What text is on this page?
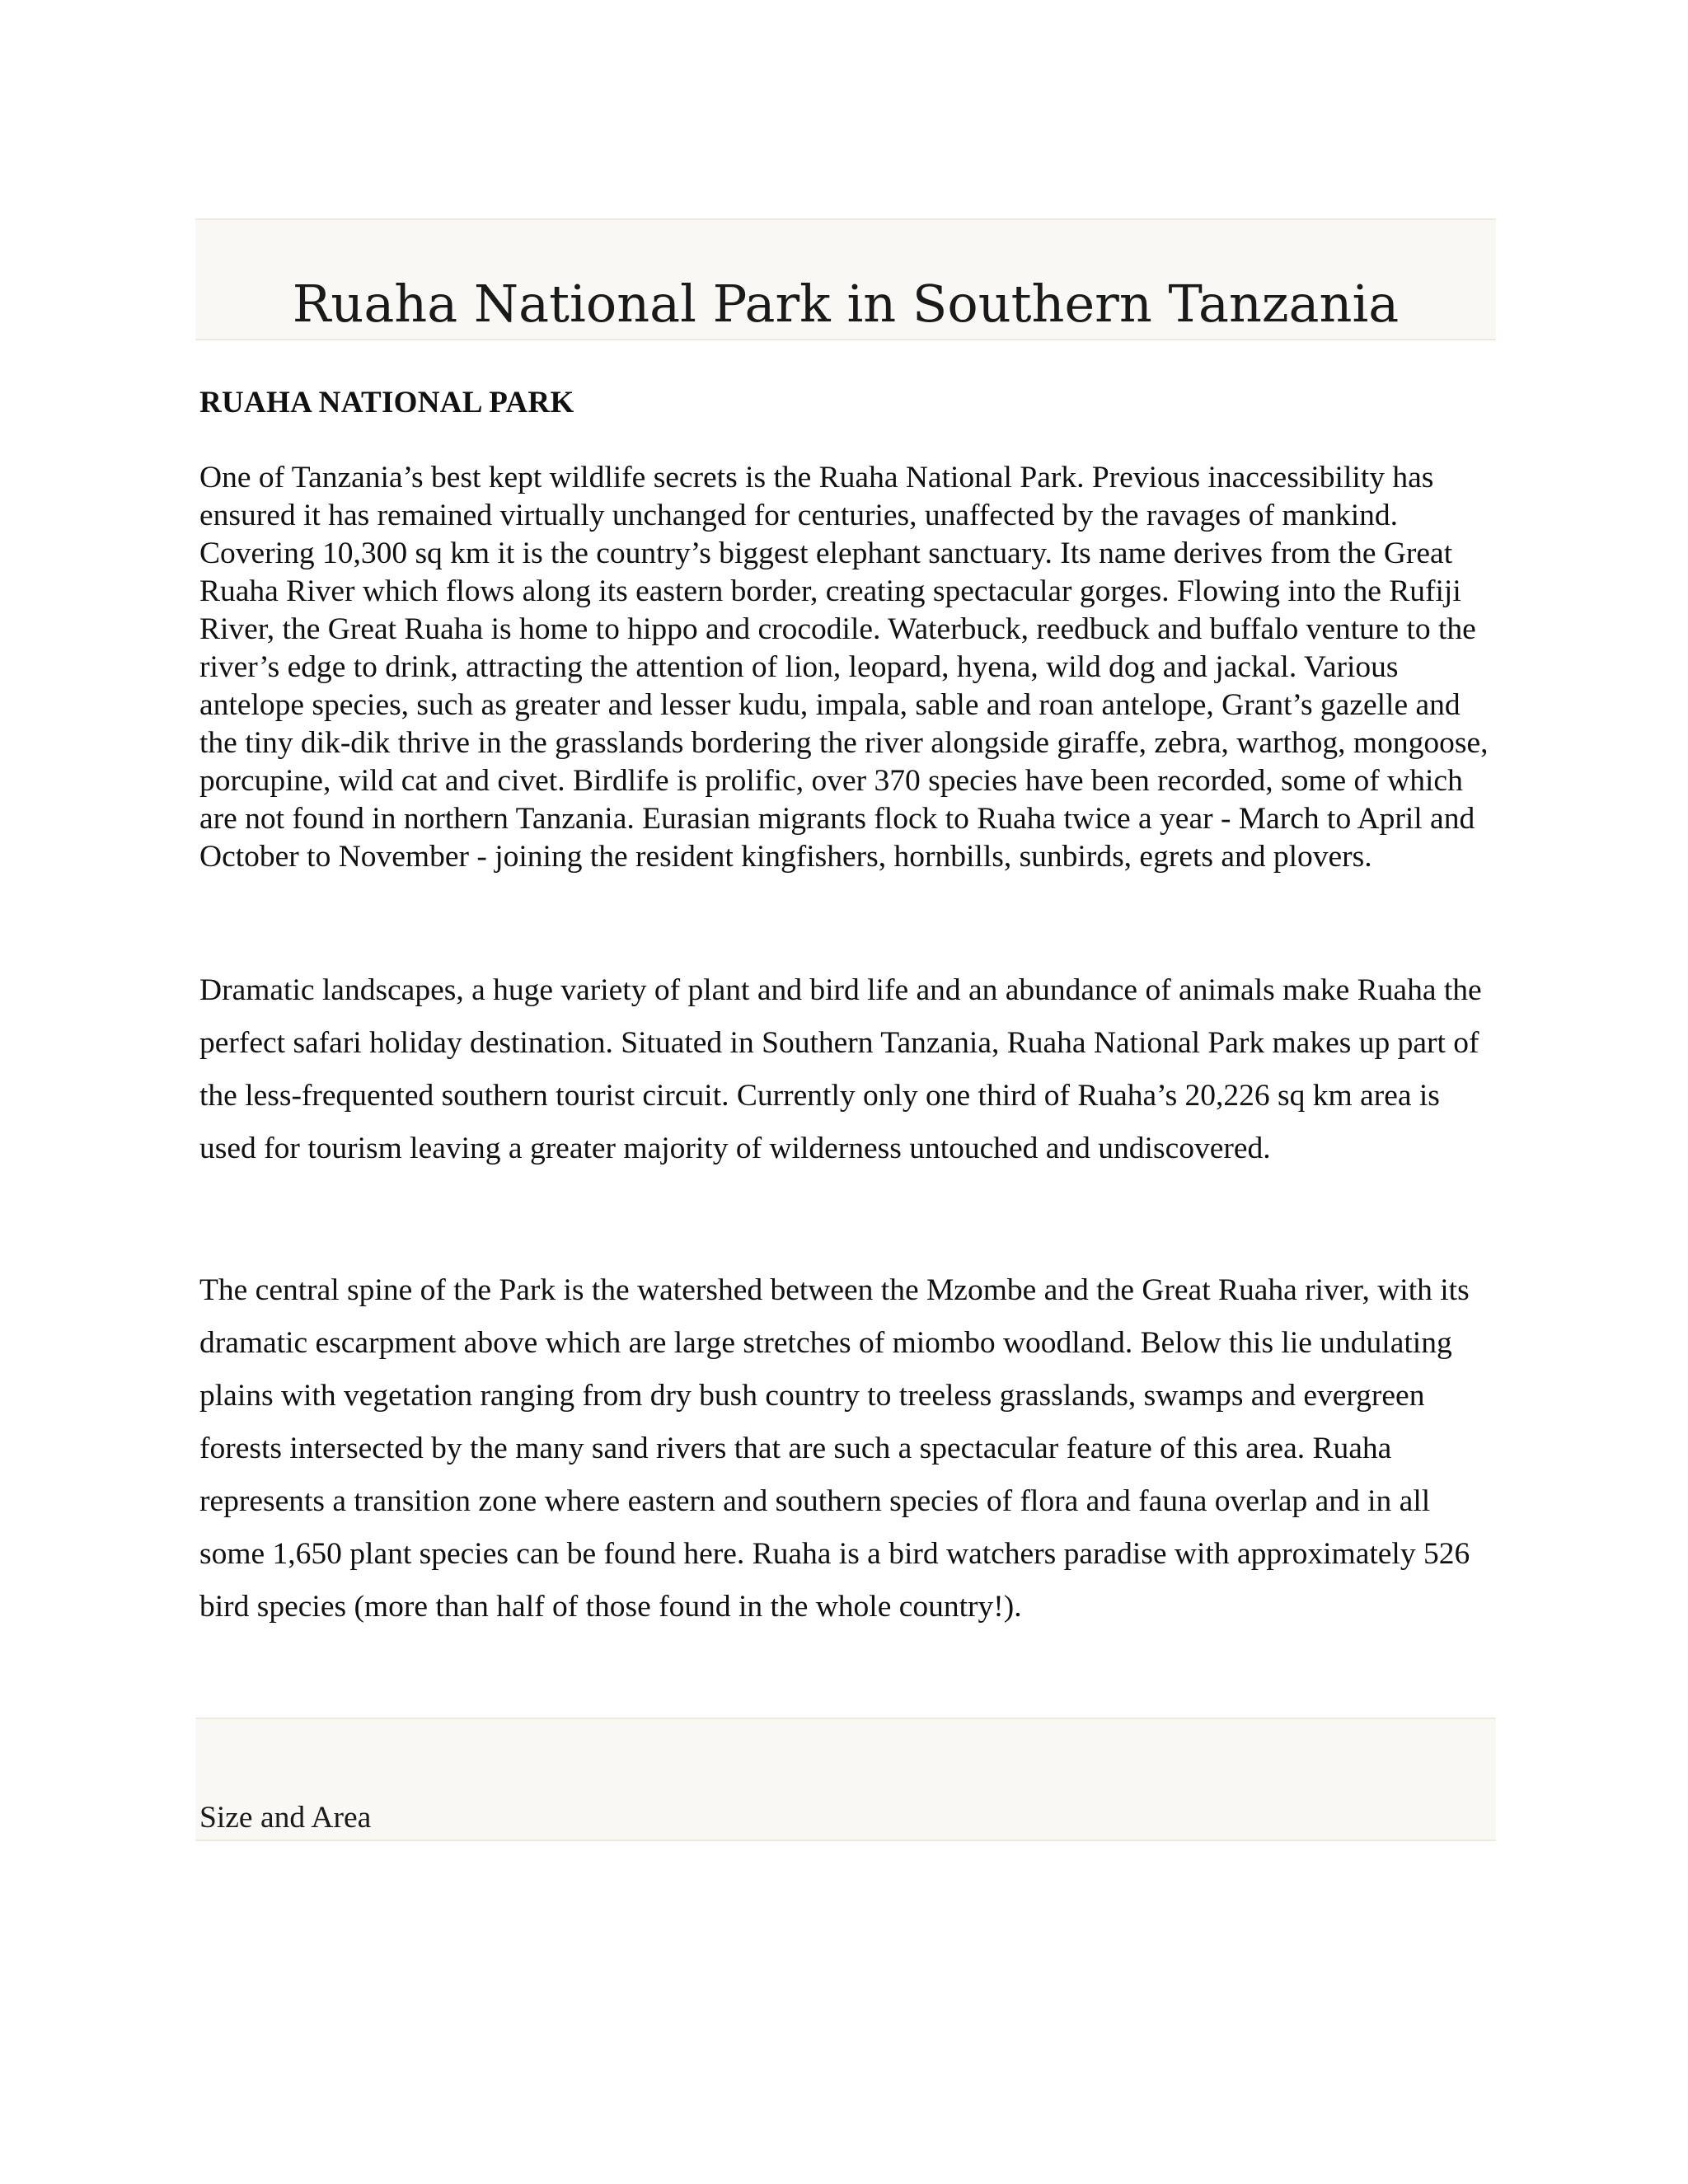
Ruaha National Park in Southern Tanzania
RUAHA NATIONAL PARK

One of Tanzania’s best kept wildlife secrets is the Ruaha National Park. Previous inaccessibility has ensured it has remained virtually unchanged for centuries, unaffected by the ravages of mankind. Covering 10,300 sq km it is the country’s biggest elephant sanctuary. Its name derives from the Great Ruaha River which flows along its eastern border, creating spectacular gorges. Flowing into the Rufiji River, the Great Ruaha is home to hippo and crocodile. Waterbuck, reedbuck and buffalo venture to the river’s edge to drink, attracting the attention of lion, leopard, hyena, wild dog and jackal. Various antelope species, such as greater and lesser kudu, impala, sable and roan antelope, Grant’s gazelle and the tiny dik-dik thrive in the grasslands bordering the river alongside giraffe, zebra, warthog, mongoose, porcupine, wild cat and civet. Birdlife is prolific, over 370 species have been recorded, some of which are not found in northern Tanzania. Eurasian migrants flock to Ruaha twice a year - March to April and October to November - joining the resident kingfishers, hornbills, sunbirds, egrets and plovers.

Dramatic landscapes, a huge variety of plant and bird life and an abundance of animals make Ruaha the perfect safari holiday destination. Situated in Southern Tanzania, Ruaha National Park makes up part of the less-frequented southern tourist circuit. Currently only one third of Ruaha’s 20,226 sq km area is used for tourism leaving a greater majority of wilderness untouched and undiscovered.

The central spine of the Park is the watershed between the Mzombe and the Great Ruaha river, with its dramatic escarpment above which are large stretches of miombo woodland. Below this lie undulating plains with vegetation ranging from dry bush country to treeless grasslands, swamps and evergreen forests intersected by the many sand rivers that are such a spectacular feature of this area. Ruaha represents a transition zone where eastern and southern species of flora and fauna overlap and in all some 1,650 plant species can be found here. Ruaha is a bird watchers paradise with approximately 526 bird species (more than half of those found in the whole country!).

Size and Area
